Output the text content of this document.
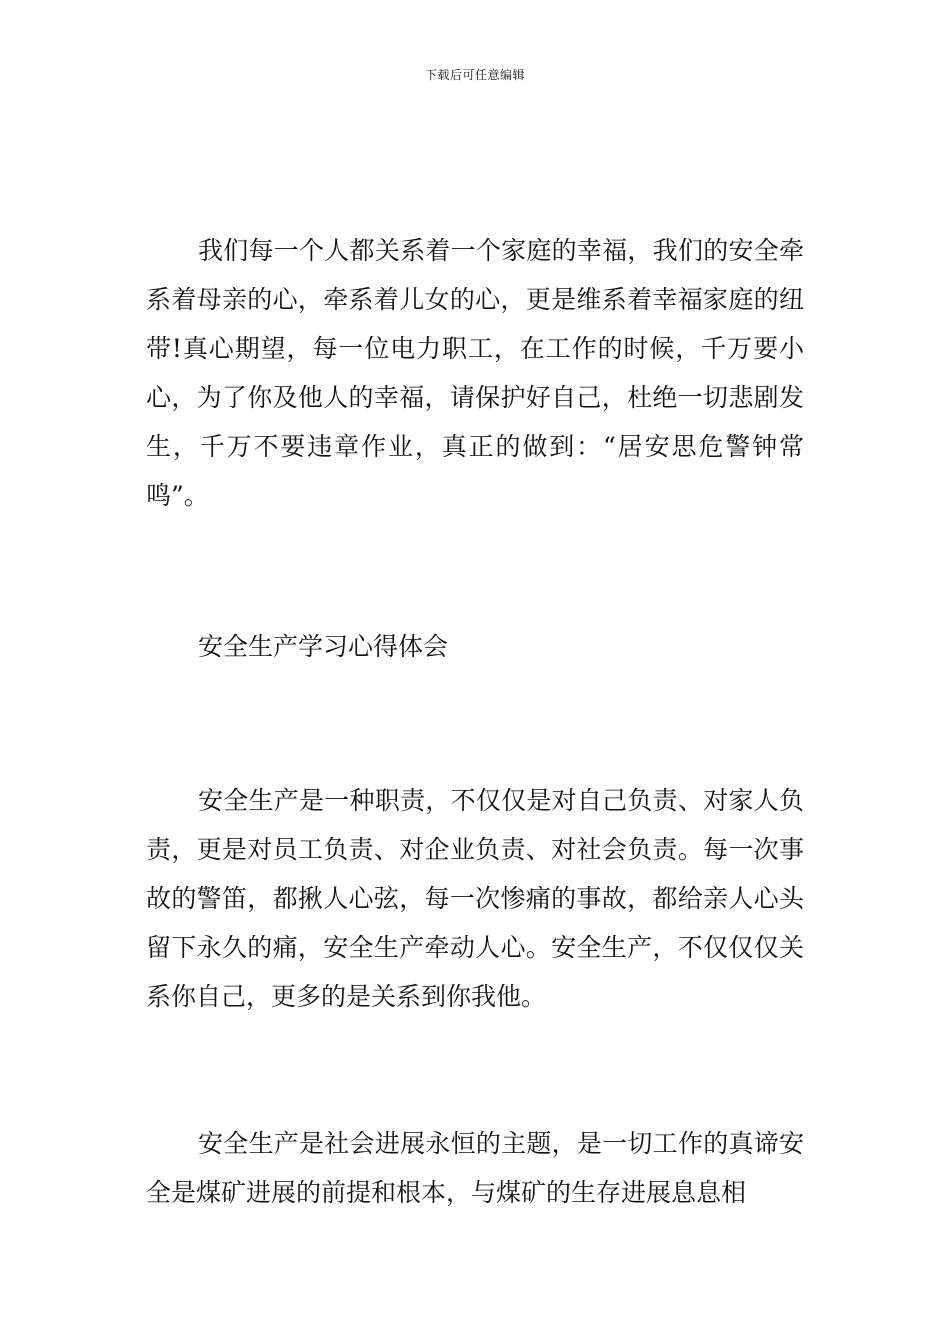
下载后可任意编辑

我们每一个人都关系着一个家庭的幸福，我们的安全牵系着母亲的心，牵系着儿女的心，更是维系着幸福家庭的纽带!真心期望，每一位电力职工，在工作的时候，千万要小心，为了你及他人的幸福，请保护好自己，杜绝一切悲剧发生，千万不要违章作业，真正的做到：“居安思危警钟常鸣”。

安全生产学习心得体会

安全生产是一种职责，不仅仅是对自己负责、对家人负责，更是对员工负责、对企业负责、对社会负责。每一次事故的警笛，都揪人心弦，每一次惨痛的事故，都给亲人心头留下永久的痛，安全生产牵动人心。安全生产，不仅仅仅关系你自己，更多的是关系到你我他。

安全生产是社会进展永恒的主题，是一切工作的真谛安全是煤矿进展的前提和根本，与煤矿的生存进展息息相
